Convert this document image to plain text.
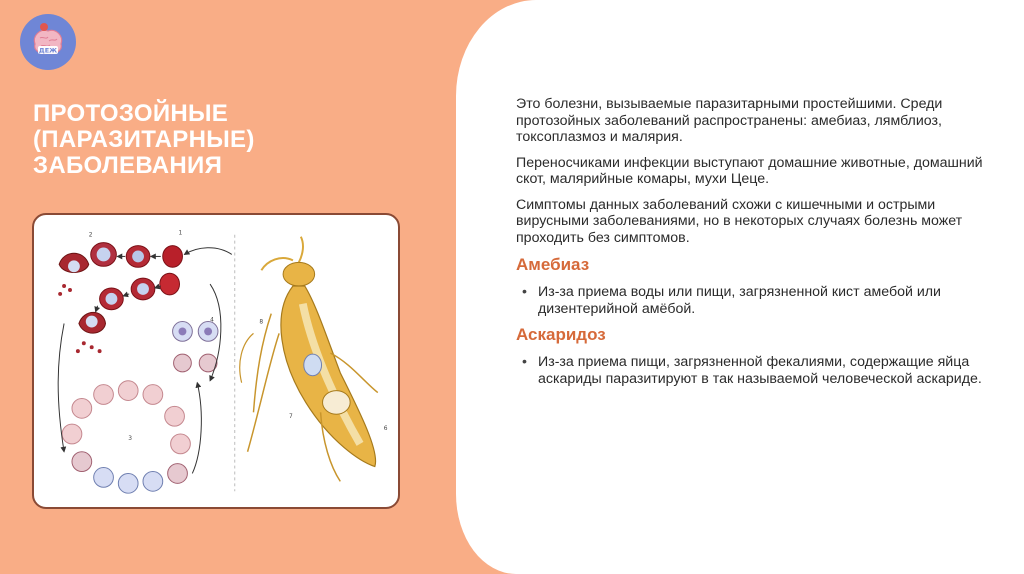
ДЕЖ
ПРОТОЗОЙНЫЕ
(ПАРАЗИТАРНЫЕ)
ЗАБОЛЕВАНИЯ
1
2
3
4
6
7
8

Это болезни, вызываемые паразитарными простейшими. Среди протозойных заболеваний распространены: амебиаз, лямблиоз, токсоплазмоз и малярия.

Переносчиками инфекции выступают домашние животные, домашний скот, малярийные комары, мухи Цеце.

Симптомы данных заболеваний схожи с кишечными и острыми вирусными заболеваниями, но в некоторых случаях болезнь может проходить без симптомов.

Амебиаз
• Из-за приема воды или пищи, загрязненной кист амебой или дизентерийной амёбой.
Аскаридоз
• Из-за приема пищи, загрязненной фекалиями, содержащие яйца аскариды паразитируют в так называемой человеческой аскариде.
